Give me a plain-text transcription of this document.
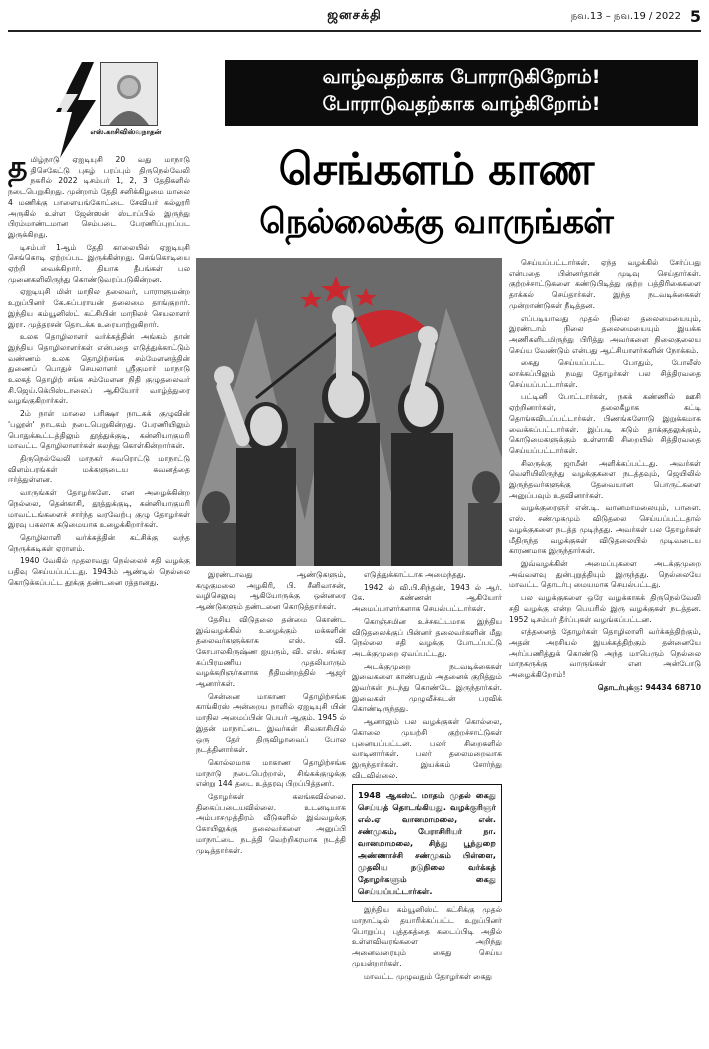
ஜனசக்தி	நவ.13 – நவ.19 / 2022 5
எஸ்.காசிவிஸ்வநாதன்
வாழ்வதற்காக போராடுகிறோம்!
போராடுவதற்காக வாழ்கிறோம்!
செங்களம் காண
நெல்லைக்கு வாருங்கள்
த மிழ்நாடு ஏஐடியுசி 20 வது மாநாடு திசெகேட்டு புகழ் பரப்பும் திருநெல்வேலி நகரில் 2022 டிசம்பர் 1, 2, 3 தேதிகளில் நடைபெறுகிறது. முன்றாம் தேதி சனிக்கிழமை மாலை 4 மணிக்கு பாளையங்கோட்டை சேவியர் கல்லூரி அருகில் உள்ள ஜேன்ஸன் ஸ்டாப்பில் இருந்து பிரம்மாண்டமான செம்படை பேரணிப்புறப்பட இருக்கிறது.

டிசம்பர் 1ஆம் தேதி காலையில் ஏஐடியுசி செங்கொடி ஏற்றப்பட இருக்கின்றது. செங்கொடியை ஏற்றி வைக்கிறார். தியாக தீபங்கள் பல முனைகளிலிருந்து கொண்டுவரப்படுகின்றன.

ஏஐடியுசி மின் மாநில தலைவர், பாராளுமன்ற உறுப்பினர் கே.சுப்பராயன் தலைமை தாங்குறார். இந்திய கம்யூனிஸ்ட் கட்சியின் மாநிலச் செயலாளர் இரா. முத்தரசன் தொடக்க உரையாற்றுகிறார்.

உலக தொழிலாளர் வர்க்கத்தின் அங்கம் தான் இந்திய தொழிலாளர்கள் என்பதை எடுத்துக்காட்டும் வண்ணம் உலக தொழிற்சங்க சம்மேளனத்தின் துணைப் பொதுச் செயலாளர் ஸ்ரீகுமார் மாநாடு உலகத் தொழிற் சங்க சம்மேளன நிதி குழுதலைவர் சி.ஜெய்.கெ்பிஸ்டாலைப் ஆகியோர் வாழ்த்துரை வழங்குகிறார்கள்.

2ம் நாள் மாலை பரிக்ஷா நாடகக் குழுவின் 'பலூன்' நாடகம் நடைபெறுகின்றது. பேரணியிலும் பொதுக்கூட்டத்திலும் தூத்துக்குடி, கன்னியாகுமரி மாவட்ட தொழிலாளர்கள் கலந்து கொள்கின்றார்கள்.

திருநெல்வேலி மாநகர் சுவரொட்டு மாநாட்டு விளம்பரங்கள் மக்களுடைய கவனத்தை ஈர்த்துள்ளன.

வாருங்கள் தோழர்களே. என அழைக்கின்ற நெல்லை, தென்காசி, தூத்துக்குடி, கன்னியாகுமரி மாவட்டங்களைச் சார்ந்த வரவேற்பு குழு தோழர்கள் இரவு பகலாக கடுமையாக உழைக்கிறார்கள்.

தொழிலாளி வர்க்கத்தின் கட்சிக்கு வந்த நெருக்கடிகள் ஏராளம்.

1940 வேகில் முதலாவது நெல்லைச் சதி வழக்கு பதிவு செய்யப்பட்டது. 1943ம் ஆண்டில் நெல்லை கொடுக்கப்பட்ட தூக்கு தண்டனை ரத்தானது.

இரண்டாவது ஆண்டுகளும், கழுகுமலை அழகிரி, பி. சீனிவாசன், வழிசெலுவு ஆகியோருக்கு ஒன்னரை ஆண்டுகளும் தண்டனை கொடுத்தார்கள்.

தேசிய விடுதலை தன்மை கொண்ட இவ்வழக்கில் உழைக்கும் மக்களின் தலைவர்களுக்காக எஸ். வி. கோபாலகிருஷ்ண ஐயரும், வி. எஸ். சங்கர சுப்பிரமணிய முதலியாரும் வழக்கறிஞர்களாக நீதிமன்றத்தில் ஆஜர் ஆனார்கள்.

சென்னை மாகாண தொழிற்சங்க காங்கிரஸ் அன்றைய நாளில் ஏஐடியுசி யின் மாநில அமைப்பின் பெயர் ஆகும். 1945 ல் இதன் மாநாட்டை இவர்கள் சிவகாசியில் ஒரு தேர் திருவிழாவைப் போல நடத்தினார்கள்.

கொல்லமாக மாகாண தொழிற்சங்க மாநாடு நடைபெற்றால், சிங்கக்குழுக்கு என்று 144 தடை உத்தரவு பிறப்பித்தனர்.

தோழர்கள் கலங்கவில்லை. திகைப்படையவில்லை. உடனடியாக அம்பாசமுத்திரம் வீடுகளில் இவ்வழக்கு கோயிலுக்கு தலைவர்களை அனுப்பி மாநாட்டை நடத்தி வெற்றிகரமாக நடத்தி முடித்தார்கள்.

எடுத்துக்காட்டாக அமைந்தது.

1942 ல் வி.பி.சிந்தன், 1943 ல் ஆர். கே. கண்ணன் ஆகியோர் அமைப்பாளர்களாக செயல்பட்டார்கள்.

கொஞ்சமின உச்சகட்டமாக இந்திய விடுதலைக்குப் பின்னர் தலைவர்களின் மீது நெல்லை சதி வழக்கு போடப்பட்டு அடக்குமுறை ஏவப்பட்டது.

அடக்குமுறை நடவடிக்கைகள் இவைகளை காண்பதும் அதனைக் குறித்தும் இவர்கள் நடந்து கொண்டே இருந்தார்கள். இவைகள் முழுவீச்சுடன் பரவிக் கொண்டிருந்தது.

ஆனாலும் பல வழக்குகள் கொல்லை, கொலை முயற்சி குற்றச்சாட்டுகள் புனையப்பட்டன. பலர் சிறைகளில் வாடினார்கள். பலர் தலைமறைவாக இருந்தார்கள். இயக்கம் சோர்ந்து விடவில்லை.

1948 ஆகஸ்ட் மாதம் முதல் கைது செய்யத் தொடங்கியது. வழக்குரிஞர் எல்.ஏ வானமாமலை, என். சண்முகம், பேராசிரியர் நா. வானமாமலை, சிந்து பூந்துறை அண்ணாச்சி சண்முகம் பிள்ளை, முதலிய நடுநிலை வர்க்கத் தோழர்களும் கைது செய்யப்பட்டார்கள்.

இந்திய கம்யூனிஸ்ட் கட்சிக்கு முதல் மாநாட்டில் தயாரிக்கப்பட்ட உறுப்பினர் பொறுப்பு புத்தகத்தை கடைப்பிடி அதில் உள்ளவிவரங்களை அறிந்து அனைவரையும் கைது செய்ய முயன்றார்கள்.

மாவட்ட முழுவதும் தோழர்கள் கைது

செய்யப்பட்டார்கள். ஏந்த வழக்கில் சேர்ப்பது என்பதை பின்னர்தான் முடிவு செய்தார்கள். குற்றச்சாட்டுகளை கண்டுபிடித்து குற்ற பத்திரிகைகளை தாக்கல் செய்தார்கள். இந்த நடவடிக்கைகள் முன்றாண்டுகள் நீடித்தன.

எப்படியாவது முதல் நிலை தலைமையையும், இரண்டாம் நிலை தலைமையையும் இயக்க அணிகளிடமிருந்து பிரித்து அவர்களை நிலைகுலைய செய்ய வேண்டும் என்பது ஆட்சியாளர்களின் நோக்கம்.

கைது செய்யப்பட்ட போதும், போலீஸ் லாக்கப்பிலும் நமது தோழர்கள் பல சித்திரவதை செய்யப்பட்டார்கள்.

பட்டினி போட்டார்கள், நகக் கண்ணில் ஊசி ஏற்றினார்கள், தலைகீழாக கட்டி தொங்கவிடப்பட்டார்கள். பிணங்களோடு இறுக்கமாக வைக்கப்பட்டார்கள். இப்படி கடும் தாக்குதலுக்கும், கொடுமைகளுக்கும் உள்ளாகி சிறையில் சித்திரவதை செய்யப்பட்டார்கள்.

சிலருக்கு ஜாமீன் அளிக்கப்பட்டது. அவர்கள் வெளியிலிருந்து வழக்குகளை நடத்தவும், ஜெயிலில் இருந்தவர்களுக்கு தேவையான பொருட்களை அனுப்பவும் உதவினார்கள்.

வழக்குரைஞர் என்.டி. வானமாமலையும், பாளை. எஸ். சண்முகமும் விடுதலை செய்யப்பட்டதால் வழக்குகளை நடத்த முடிந்தது. அவர்கள் பல தோழர்கள் மீதிருந்த வழக்குகள் விடுதலையில் முடிவடைய காரணமாக இருந்தார்கள்.

இவ்வழக்கின் அமைப்புகளை அடக்குமுறை அவ்வளவு துன்புறுத்தியும் இருந்தது. நெல்லையே மாவட்ட தொடர்பு மையமாக செயல்பட்டது.

பல வழக்குகளை ஒரே வழக்காகக் திருநெல்வேலி சதி வழக்கு என்ற பெயரில் இரு வழக்குகள் நடத்தன. 1952 டிசம்பர் தீர்ப்புகள் வழங்கப்பட்டன.

எத்தனைத் தோழர்கள் தொழிலாளி வர்க்கத்திற்கும், அதன் அரசியல் இயக்கத்திற்கும் தன்னையே அர்ப்பணித்துக் கொண்டு அந்த மாபெரும் நெல்லை மாநகருக்கு வாருங்கள் என அன்போடு அழைக்கிறோம்!

தொடர்புக்கு: 94434 68710
